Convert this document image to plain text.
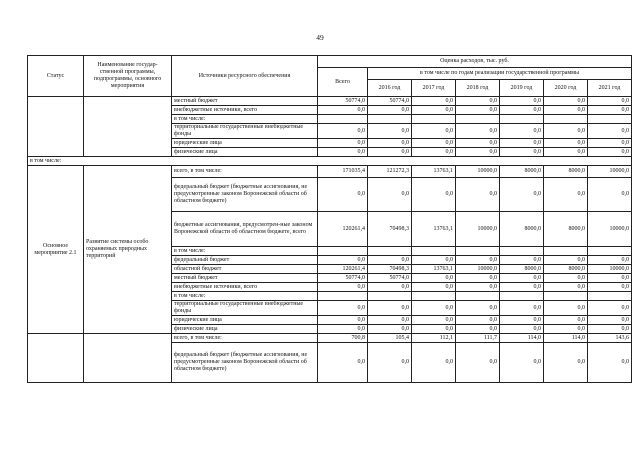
49
Статус	Наименование государ-ственной программы, подпрограммы, основного мероприятия	Источники ресурсного обеспечения	Оценка расходов, тыс. руб.						
			Всего	в том числе по годам реализации государственной программы					
				2016 год	2017 год	2018 год	2019 год	2020 год	2021 год
		местный бюджет	50774,0	50774,0	0,0	0,0	0,0	0,0	0,0
		внебюджетные источники, всего	0,0	0,0	0,0	0,0	0,0	0,0	0,0
		в том числе:							
		территориальные государственные внебюджетные фонды	0,0	0,0	0,0	0,0	0,0	0,0	0,0
		юридические лица	0,0	0,0	0,0	0,0	0,0	0,0	0,0
		физические лица	0,0	0,0	0,0	0,0	0,0	0,0	0,0
в том числе:									
Основное мероприятие 2.1	Развитие системы особо охраняемых природных территорий	всего, в том числе:	171035,4	121272,3	13763,1	10000,0	8000,0	8000,0	10000,0
		федеральный бюджет (бюджетные ассигнования, не предусмотренные законом Воронежской области об областном бюджете)	0,0	0,0	0,0	0,0	0,0	0,0	0,0
		бюджетные ассигнования, предусмотрен-ные законом Воронежской области об областном бюджете, всего	120261,4	70498,3	13763,1	10000,0	8000,0	8000,0	10000,0
		в том числе:							
		федеральный бюджет	0,0	0,0	0,0	0,0	0,0	0,0	0,0
		областной бюджет	120261,4	70498,3	13763,1	10000,0	8000,0	8000,0	10000,0
		местный бюджет	50774,0	50774,0	0,0	0,0	0,0	0,0	0,0
		внебюджетные источники, всего	0,0	0,0	0,0	0,0	0,0	0,0	0,0
		в том числе:							
		территориальные государственные внебюджетные фонды	0,0	0,0	0,0	0,0	0,0	0,0	0,0
		юридические лица	0,0	0,0	0,0	0,0	0,0	0,0	0,0
		физические лица	0,0	0,0	0,0	0,0	0,0	0,0	0,0
		всего, в том числе:	700,8	105,4	112,1	111,7	114,0	114,0	143,6
		федеральный бюджет (бюджетные ассигнования, не предусмотренные законом Воронежской области об областном бюджете)	0,0	0,0	0,0	0,0	0,0	0,0	0,0
